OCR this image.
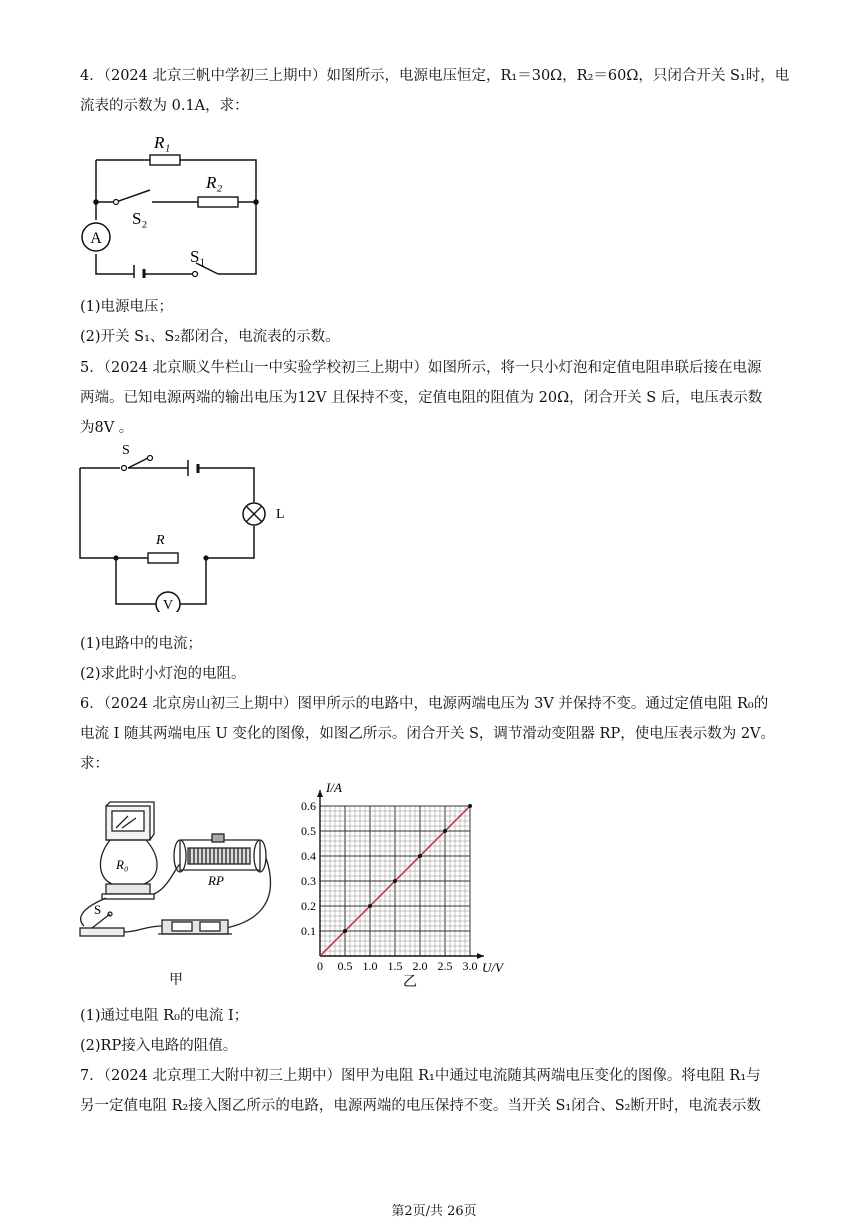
4．（2024 北京三帆中学初三上期中）如图所示，电源电压恒定，R₁＝30Ω，R₂＝60Ω，只闭合开关 S₁时，电
流表的示数为 0.1A，求：
A
R₁
R₂
S₂
S₁
(1)电源电压；
(2)开关 S₁、S₂都闭合，电流表的示数。
5．（2024 北京顺义牛栏山一中实验学校初三上期中）如图所示，将一只小灯泡和定值电阻串联后接在电源
两端。已知电源两端的输出电压为12V 且保持不变，定值电阻的阻值为 20Ω，闭合开关 S 后，电压表示数
为8V 。
V
S
L
R
(1)电路中的电流；
(2)求此时小灯泡的电阻。
6．（2024 北京房山初三上期中）图甲所示的电路中，电源两端电压为 3V 并保持不变。通过定值电阻 R₀的
电流 I 随其两端电压 U 变化的图像，如图乙所示。闭合开关 S，调节滑动变阻器 RP，使电压表示数为 2V。
求：
R₀
RP
S
甲
0 0.5 1.0 1.5 2.0 2.5 3.0
0.1
0.2
0.3
0.4
0.5
0.6
I/A
U/V
乙
(1)通过电阻 R₀的电流 I；
(2)RP接入电路的阻值。
7．（2024 北京理工大附中初三上期中）图甲为电阻 R₁中通过电流随其两端电压变化的图像。将电阻 R₁与
另一定值电阻 R₂接入图乙所示的电路，电源两端的电压保持不变。当开关 S₁闭合、S₂断开时，电流表示数
第2页/共 26页
